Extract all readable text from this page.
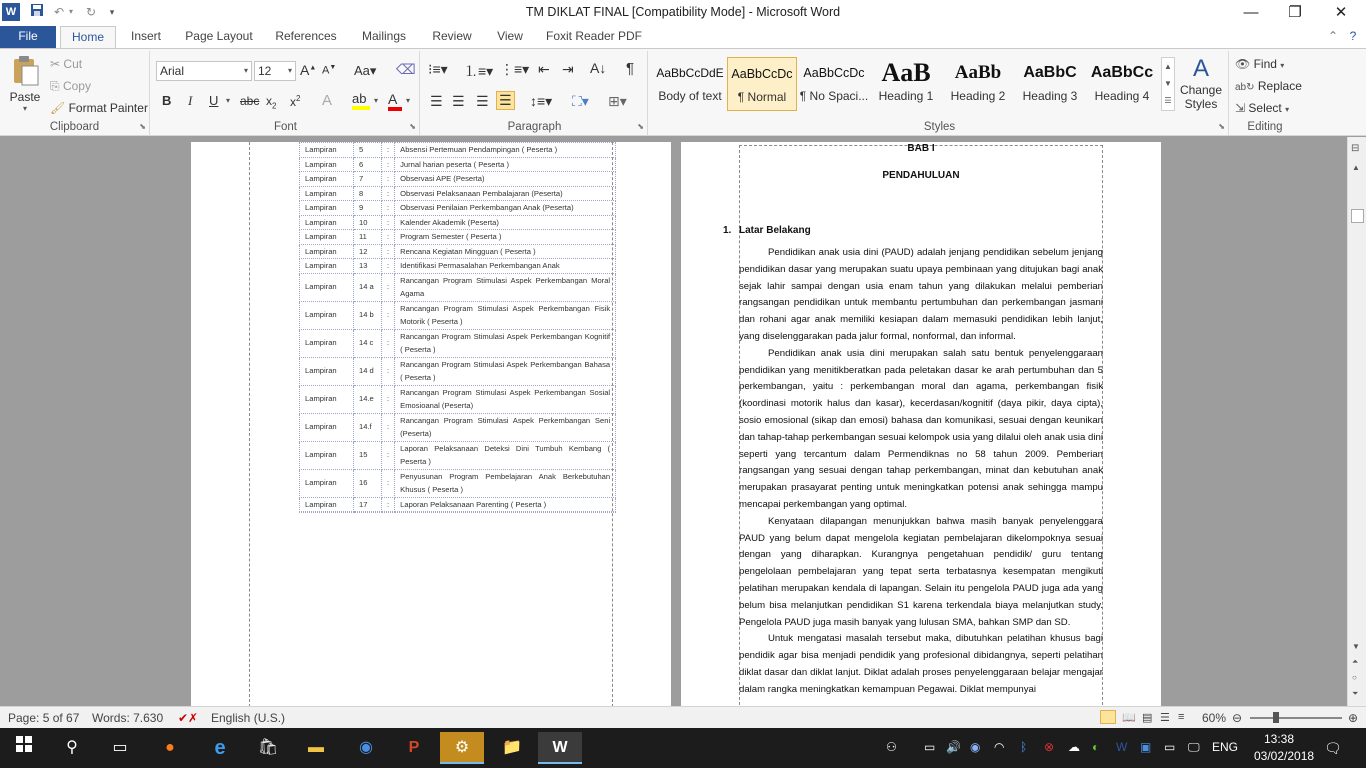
W	↶ ▾	↻	▾	TM DIKLAT FINAL [Compatibility Mode] - Microsoft Word	—	❐	✕
File	Home	Insert	Page Layout	References	Mailings	Review	View	Foxit Reader PDF	⌃ ?
Paste
▾
✂ Cut
⎘ Copy
🖌 Format Painter
Clipboard	⬊
Arial	▾ 12 ▾ A▲ A▼ Aa▾ ⌫
B I U ▾ abc $x_2$ $x^2$ A ab ▾ A	▾
Font	⬊
⁝≡▾ ⒈≡▾ ⋮≡▾ ⇤ ⇥ A↓ ¶
☰ ☰ ☰ ☰ ↕≡▾ ⛶▾ ⊞▾
Paragraph	⬊
AaBbCcDdE
Body of text
AaBbCcDc
¶ Normal
AaBbCcDc
¶ No Spaci...
AaB
Heading 1
AaBb
Heading 2
AaBbC
Heading 3
AaBbCc
Heading 4
▲
▼
☰
A
Change Styles
Styles	⬊
👁 Find ▾
ab↻ Replace
⇲ Select ▾
Editing
Lampiran	5	:	Absensi Pertemuan Pendampingan ( Peserta )
Lampiran	6	:	Jurnal harian peserta ( Peserta )
Lampiran	7	:	Observasi APE (Peserta)
Lampiran	8	:	Observasi Pelaksanaan Pembalajaran (Peserta)
Lampiran	9	:	Observasi Penilaian Perkembangan Anak (Peserta)
Lampiran	10	:	Kalender Akademik (Peserta)
Lampiran	11	:	Program Semester ( Peserta )
Lampiran	12	:	Rencana Kegiatan Mingguan ( Peserta )
Lampiran	13	:	Identifikasi Permasalahan Perkembangan Anak
Lampiran	14 a	:	Rancangan Program Stimulasi Aspek Perkembangan Moral Agama
Lampiran	14 b	:	Rancangan Program Stimulasi Aspek Perkembangan Fisik Motorik ( Peserta )
Lampiran	14 c	:	Rancangan Program Stimulasi Aspek Perkembangan Kognitif ( Peserta )
Lampiran	14 d	:	Rancangan Program Stimulasi Aspek Perkembangan Bahasa ( Peserta )
Lampiran	14.e	:	Rancangan Program Stimulasi Aspek Perkembangan Sosial Emosioanal (Peserta)
Lampiran	14.f	:	Rancangan Program Stimulasi Aspek Perkembangan Seni (Peserta)
Lampiran	15	:	Laporan Pelaksanaan Deteksi Dini Tumbuh Kembang ( Peserta )
Lampiran	16	:	Penyusunan Program Pembelajaran Anak Berkebutuhan Khusus ( Peserta )
Lampiran	17	:	Laporan Pelaksanaan Parenting ( Peserta )

BAB I
PENDAHULUAN
1. Latar Belakang

Pendidikan anak usia dini (PAUD) adalah jenjang pendidikan sebelum jenjang pendidikan dasar yang merupakan suatu upaya pembinaan yang ditujukan bagi anak sejak lahir sampai dengan usia enam tahun yang dilakukan melalui pemberian rangsangan pendidikan untuk membantu pertumbuhan dan perkembangan jasmani dan rohani agar anak memiliki kesiapan dalam memasuki pendidikan lebih lanjut, yang diselenggarakan pada jalur formal, nonformal, dan informal.

Pendidikan anak usia dini merupakan salah satu bentuk penyelenggaraan pendidikan yang menitikberatkan pada peletakan dasar ke arah pertumbuhan dan 5 perkembangan, yaitu : perkembangan moral dan agama, perkembangan fisik (koordinasi motorik halus dan kasar), kecerdasan/kognitif (daya pikir, daya cipta), sosio emosional (sikap dan emosi) bahasa dan komunikasi, sesuai dengan keunikan dan tahap-tahap perkembangan sesuai kelompok usia yang dilalui oleh anak usia dini seperti yang tercantum dalam Permendiknas no 58 tahun 2009. Pemberian rangsangan yang sesuai dengan tahap perkembangan, minat dan kebutuhan anak merupakan prasayarat penting untuk meningkatkan potensi anak sehingga mampu mencapai perkembangan yang optimal.

Kenyataan dilapangan menunjukkan bahwa masih banyak penyelenggara PAUD yang belum dapat mengelola kegiatan pembelajaran dikelompoknya sesuai dengan yang diharapkan. Kurangnya pengetahuan pendidik/ guru tentang pengelolaan pembelajaran yang tepat serta terbatasnya kesempatan mengikuti pelatihan merupakan kendala di lapangan. Selain itu pengelola PAUD juga ada yang belum bisa melanjutkan pendidikan S1 karena terkendala biaya melanjutkan study. Pengelola PAUD juga masih banyak yang lulusan SMA, bahkan SMP dan SD.

Untuk mengatasi masalah tersebut maka, dibutuhkan pelatihan khusus bagi pendidik agar bisa menjadi pendidik yang profesional dibidangnya, seperti pelatihan diklat dasar dan diklat lanjut. Diklat adalah proses penyelenggaraan belajar mengajar dalam rangka meningkatkan kemampuan Pegawai. Diklat mempunyai

⊟
▲
▼
⏶
○
⏷
Page: 5 of 67 Words: 7.630 ✔✗ English (U.S.)	📖 ▤ ☰ ≡ 60% ⊖	⊕
⚲	▭	●	e	🛍	▬	◉	P	⚙	📁	W	⚇ ▭ 🔊 ◉ ◠ ᛒ ⊗ ☁ ◐ W ▣ ▭ 🖵 ENG
13:38
03/02/2018 🗨
